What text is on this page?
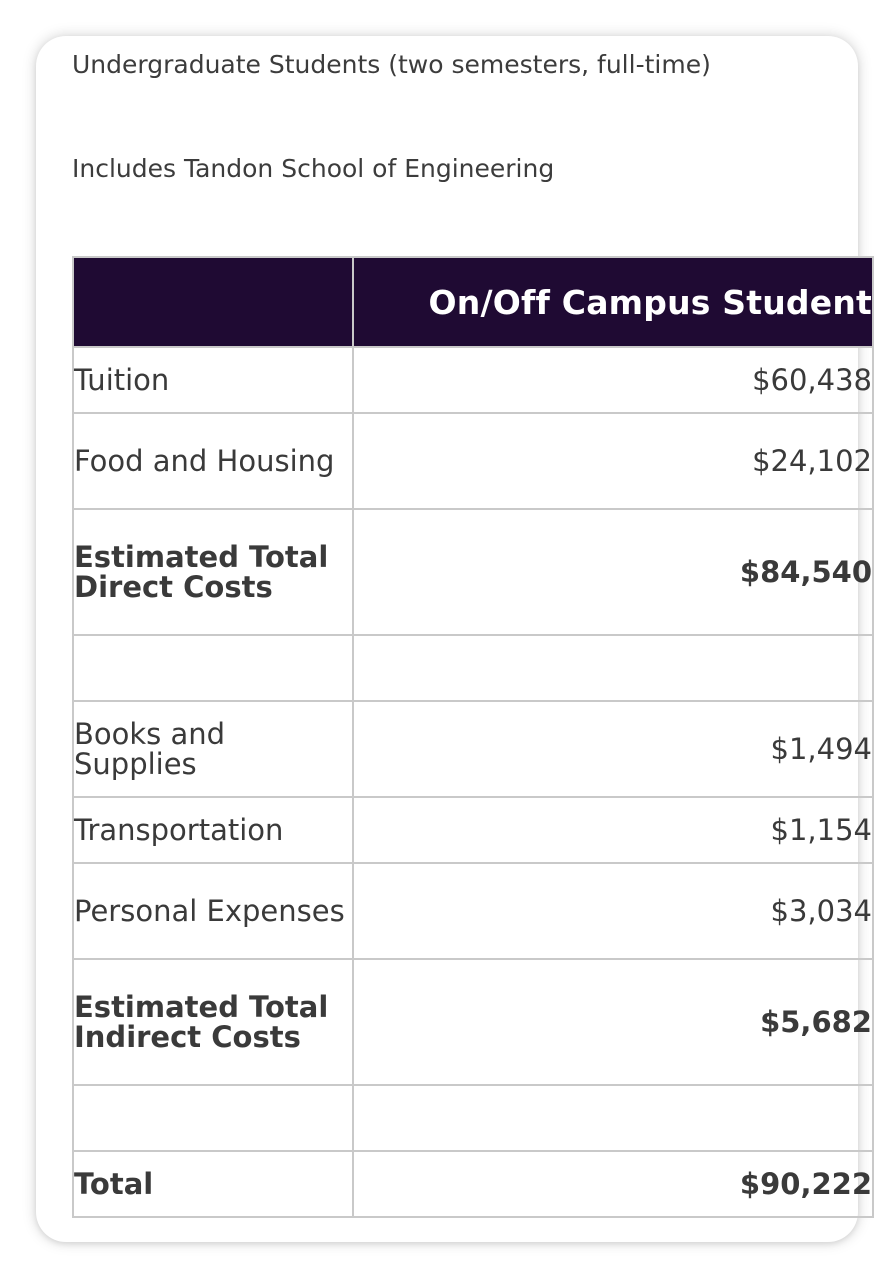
Undergraduate Students (two semesters, full-time)
Includes Tandon School of Engineering
	On/Off Campus Student
Tuition	$60,438
Food and Housing	$24,102
Estimated Total Direct Costs	$84,540

Books and Supplies	$1,494
Transportation	$1,154
Personal Expenses	$3,034
Estimated Total Indirect Costs	$5,682

Total	$90,222
